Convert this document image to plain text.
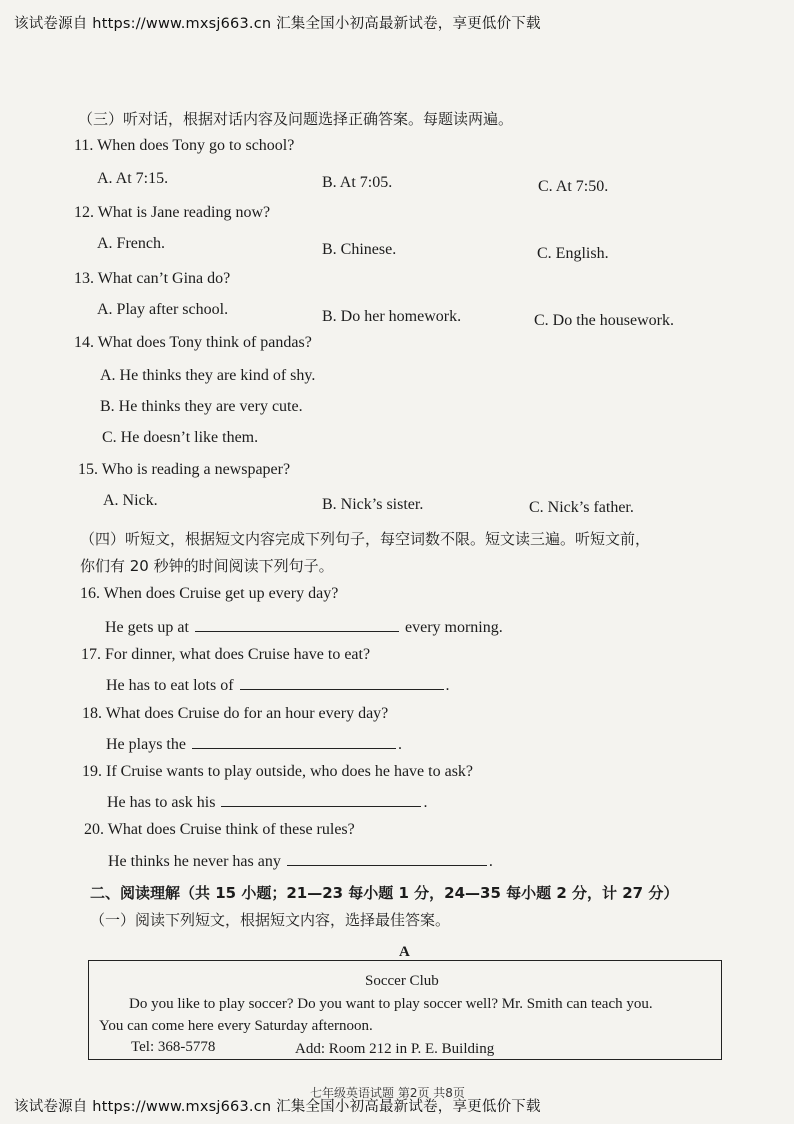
该试卷源自 https://www.mxsj663.cn 汇集全国小初高最新试卷，享更低价下载
（三）听对话，根据对话内容及问题选择正确答案。每题读两遍。
11. When does Tony go to school?
A. At 7:15.	B. At 7:05.	C. At 7:50.
12. What is Jane reading now?
A. French.	B. Chinese.	C. English.
13. What can’t Gina do?
A. Play after school.	B. Do her homework.	C. Do the housework.
14. What does Tony think of pandas?
A. He thinks they are kind of shy.
B. He thinks they are very cute.
C. He doesn’t like them.
15. Who is reading a newspaper?
A. Nick.	B. Nick’s sister.	C. Nick’s father.
（四）听短文，根据短文内容完成下列句子，每空词数不限。短文读三遍。听短文前，
你们有 20 秒钟的时间阅读下列句子。
16. When does Cruise get up every day?
He gets up at	every morning.
17. For dinner, what does Cruise have to eat?
He has to eat lots of	.
18. What does Cruise do for an hour every day?
He plays the	.
19. If Cruise wants to play outside, who does he have to ask?
He has to ask his	.
20. What does Cruise think of these rules?
He thinks he never has any	.
二、阅读理解（共 15 小题；21—23 每小题 1 分，24—35 每小题 2 分，计 27 分）
（一）阅读下列短文，根据短文内容，选择最佳答案。
A
Soccer Club
Do you like to play soccer? Do you want to play soccer well? Mr. Smith can teach you.
You can come here every Saturday afternoon.
Tel: 368-5778	Add: Room 212 in P. E. Building
七年级英语试题 第2页 共8页
该试卷源自 https://www.mxsj663.cn 汇集全国小初高最新试卷，享更低价下载
